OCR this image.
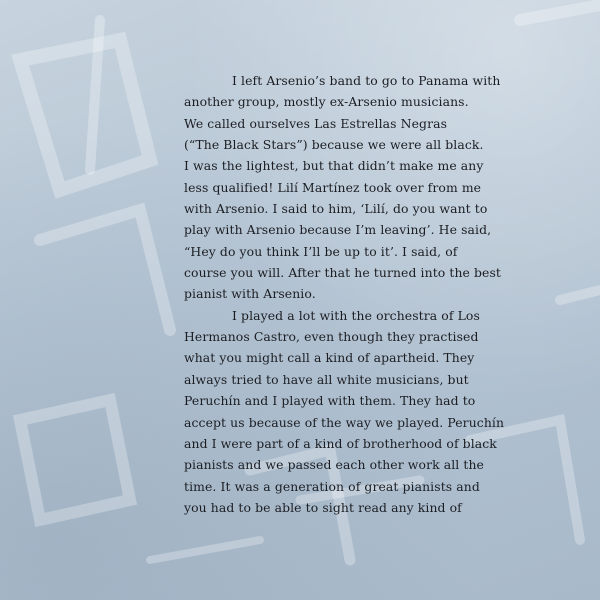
I left Arsenio’s band to go to Panama with
another group, mostly ex-Arsenio musicians.
We called ourselves Las Estrellas Negras
(“The Black Stars”) because we were all black.
I was the lightest, but that didn’t make me any
less qualified! Lilí Martínez took over from me
with Arsenio. I said to him, ‘Lilí, do you want to
play with Arsenio because I’m leaving’. He said,
“Hey do you think I’ll be up to it’. I said, of
course you will. After that he turned into the best
pianist with Arsenio.
I played a lot with the orchestra of Los
Hermanos Castro, even though they practised
what you might call a kind of apartheid. They
always tried to have all white musicians, but
Peruchín and I played with them. They had to
accept us because of the way we played. Peruchín
and I were part of a kind of brotherhood of black
pianists and we passed each other work all the
time. It was a generation of great pianists and
you had to be able to sight read any kind of
